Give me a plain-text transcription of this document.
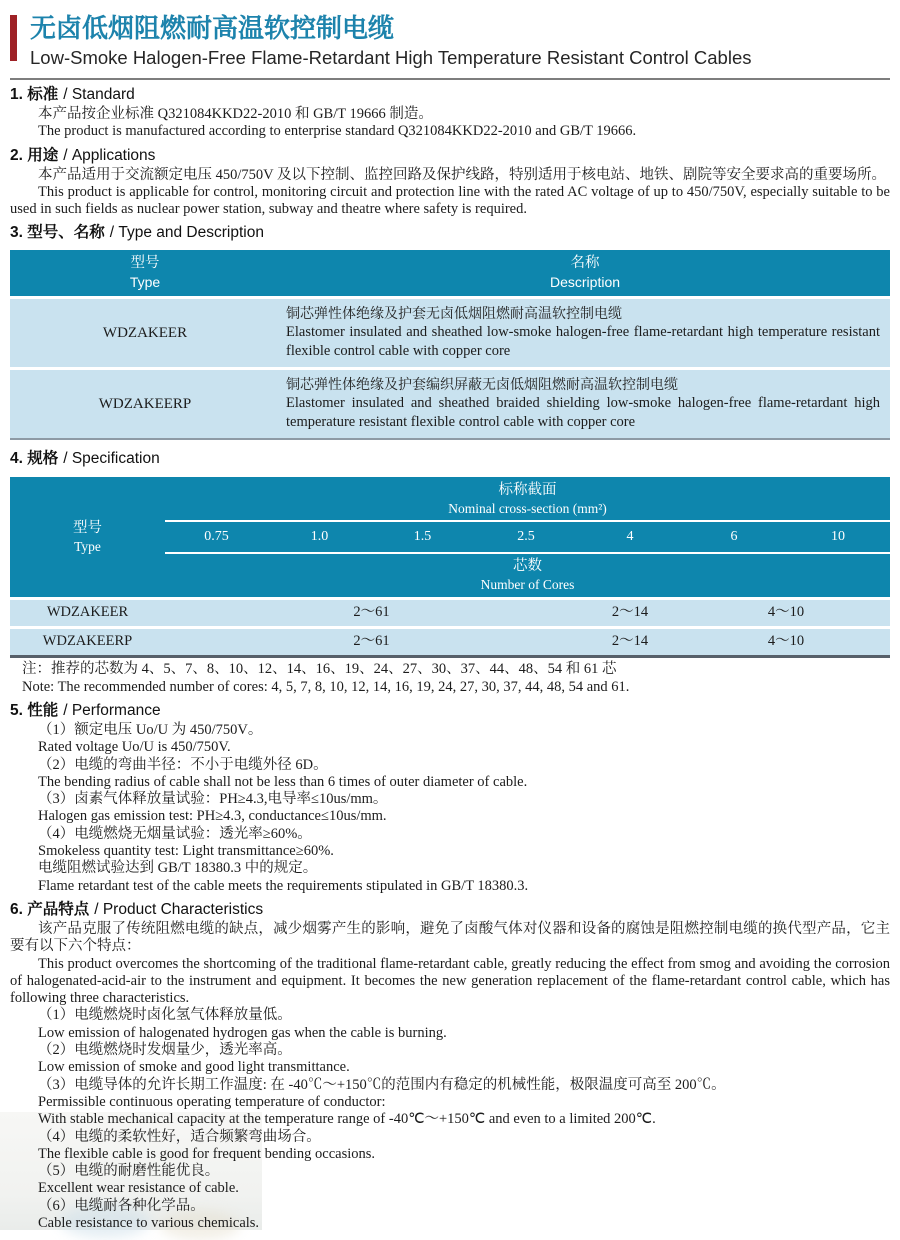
无卤低烟阻燃耐高温软控制电缆
Low-Smoke Halogen-Free Flame-Retardant High Temperature Resistant Control Cables
1. 标准 / Standard

本产品按企业标准 Q321084KKD22-2010 和 GB/T 19666 制造。

The product is manufactured according to enterprise standard Q321084KKD22-2010 and GB/T 19666.

2. 用途 / Applications

本产品适用于交流额定电压 450/750V 及以下控制、监控回路及保护线路，特别适用于核电站、地铁、剧院等安全要求高的重要场所。

This product is applicable for control, monitoring circuit and protection line with the rated AC voltage of up to 450/750V, especially suitable to be used in such fields as nuclear power station, subway and theatre where safety is required.

3. 型号、名称 / Type and Description
型号
Type	名称
Description

WDZAKEER	铜芯弹性体绝缘及护套无卤低烟阻燃耐高温软控制电缆
Elastomer insulated and sheathed low-smoke halogen-free flame-retardant high temperature resistant flexible control cable with copper core

WDZAKEERP	铜芯弹性体绝缘及护套编织屏蔽无卤低烟阻燃耐高温软控制电缆
Elastomer insulated and sheathed braided shielding low-smoke halogen-free flame-retardant high temperature resistant flexible control cable with copper core
4. 规格 / Specification
型号
Type	标称截面
Nominal cross-section (mm²)						

	0.75	1.0	1.5	2.5	4	6	10

	芯数
Number of Cores						

WDZAKEER	2～61				2～14	4～10	
WDZAKEERP	2～61				2～14	4～10	

注：推荐的芯数为 4、5、7、8、10、12、14、16、19、24、27、30、37、44、48、54 和 61 芯

Note: The recommended number of cores: 4, 5, 7, 8, 10, 12, 14, 16, 19, 24, 27, 30, 37, 44, 48, 54 and 61.

5. 性能 / Performance

（1）额定电压 Uo/U 为 450/750V。

Rated voltage Uo/U is 450/750V.

（2）电缆的弯曲半径：不小于电缆外径 6D。

The bending radius of cable shall not be less than 6 times of outer diameter of cable.

（3）卤素气体释放量试验：PH≥4.3,电导率≤10us/mm。

Halogen gas emission test: PH≥4.3, conductance≤10us/mm.

（4）电缆燃烧无烟量试验：透光率≥60%。

Smokeless quantity test: Light transmittance≥60%.

电缆阻燃试验达到 GB/T 18380.3 中的规定。

Flame retardant test of the cable meets the requirements stipulated in GB/T 18380.3.

6. 产品特点 / Product Characteristics

该产品克服了传统阻燃电缆的缺点，减少烟雾产生的影响，避免了卤酸气体对仪器和设备的腐蚀是阻燃控制电缆的换代型产品，它主要有以下六个特点：

This product overcomes the shortcoming of the traditional flame-retardant cable, greatly reducing the effect from smog and avoiding the corrosion of halogenated-acid-air to the instrument and equipment. It becomes the new generation replacement of the flame-retardant control cable, which has following three characteristics.

（1）电缆燃烧时卤化氢气体释放量低。

Low emission of halogenated hydrogen gas when the cable is burning.

（2）电缆燃烧时发烟量少，透光率高。

Low emission of smoke and good light transmittance.

（3）电缆导体的允许长期工作温度: 在 -40℃～+150℃的范围内有稳定的机械性能，极限温度可高至 200℃。

Permissible continuous operating temperature of conductor:

With stable mechanical capacity at the temperature range of -40℃～+150℃ and even to a limited 200℃.

（4）电缆的柔软性好，适合频繁弯曲场合。

The flexible cable is good for frequent bending occasions.

（5）电缆的耐磨性能优良。

Excellent wear resistance of cable.

（6）电缆耐各种化学品。

Cable resistance to various chemicals.
